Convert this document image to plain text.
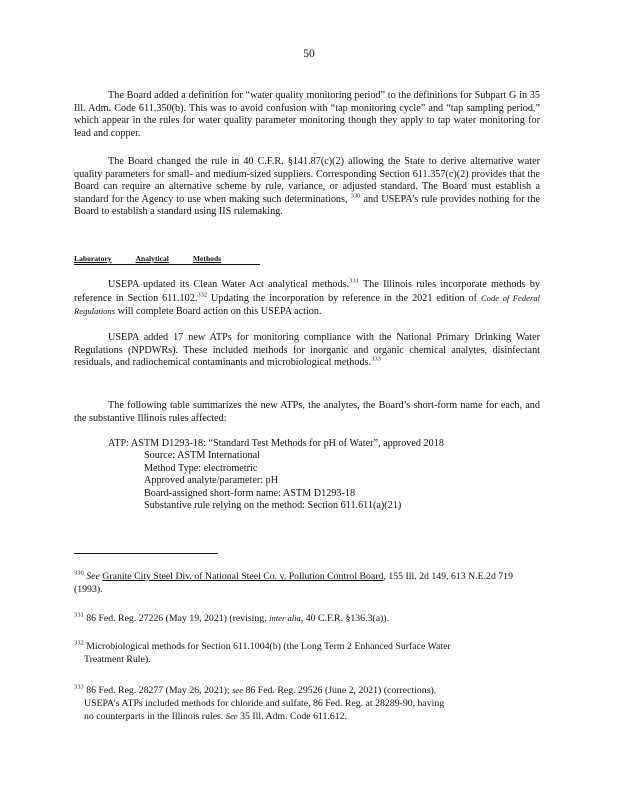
50
The Board added a definition for “water quality monitoring period” to the definitions for Subpart G in 35 Ill. Adm. Code 611.350(b). This was to avoid confusion with “tap monitoring cycle” and “tap sampling period,” which appear in the rules for water quality parameter monitoring though they apply to tap water monitoring for lead and copper.
The Board changed the rule in 40 C.F.R. §141.87(c)(2) allowing the State to derive alternative water quality parameters for small- and medium-sized suppliers. Corresponding Section 611.357(c)(2) provides that the Board can require an alternative scheme by rule, variance, or adjusted standard. The Board must establish a standard for the Agency to use when making such determinations, $^{330}$ and USEPA’s rule provides nothing for the Board to establish a standard using IIS rulemaking.
Laboratory	Analytical	Methods
USEPA updated its Clean Water Act analytical methods.$^{331}$ The Illinois rules incorporate methods by reference in Section 611.102.$^{332}$ Updating the incorporation by reference in the 2021 edition of Code of Federal Regulations will complete Board action on this USEPA action.
USEPA added 17 new ATPs for monitoring compliance with the National Primary Drinking Water Regulations (NPDWRs). These included methods for inorganic and organic chemical analytes, disinfectant residuals, and radiochemical contaminants and microbiological methods.$^{333}$
The following table summarizes the new ATPs, the analytes, the Board’s short-form name for each, and the substantive Illinois rules affected:
ATP: ASTM D1293-18: “Standard Test Methods for pH of Water”, approved 2018
Source: ASTM International
Method Type: electrometric
Approved analyte/parameter: pH
Board-assigned short-form name: ASTM D1293-18
Substantive rule relying on the method: Section 611.611(a)(21)
$^{330}$ See Granite City Steel Div. of National Steel Co. v. Pollution Control Board, 155 Ill. 2d 149, 613 N.E.2d 719 (1993).
$^{331}$ 86 Fed. Reg. 27226 (May 19, 2021) (revising, inter alia, 40 C.F.R. §136.3(a)).
$^{332}$ Microbiological methods for Section 611.1004(b) (the Long Term 2 Enhanced Surface Water
Treatment Rule).
$^{333}$ 86 Fed. Reg. 28277 (May 26, 2021); see 86 Fed. Reg. 29526 (June 2, 2021) (corrections).
USEPA’s ATPs included methods for chloride and sulfate, 86 Fed. Reg. at 28289-90, having
no counterparts in the Illinois rules. See 35 Ill. Adm. Code 611.612.
